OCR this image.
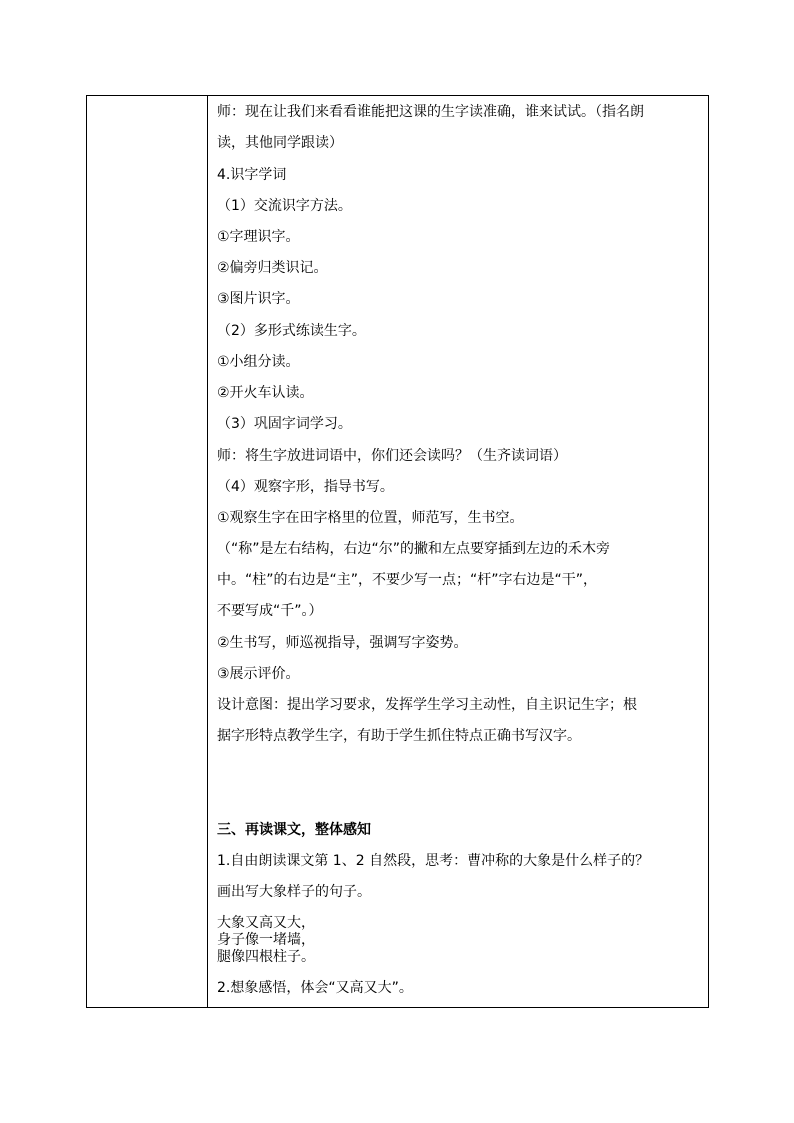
师：现在让我们来看看谁能把这课的生字读准确，谁来试试。（指名朗
读，其他同学跟读）
4.识字学词
（1）交流识字方法。
①字理识字。
②偏旁归类识记。
③图片识字。
（2）多形式练读生字。
①小组分读。
②开火车认读。
（3）巩固字词学习。
师：将生字放进词语中，你们还会读吗？（生齐读词语）
（4）观察字形，指导书写。
①观察生字在田字格里的位置，师范写，生书空。
（“称”是左右结构，右边“尔”的撇和左点要穿插到左边的禾木旁
中。“柱”的右边是“主”，不要少写一点；“杆”字右边是“干”，
不要写成“千”。）
②生书写，师巡视指导，强调写字姿势。
③展示评价。
设计意图：提出学习要求，发挥学生学习主动性，自主识记生字；根
据字形特点教学生字，有助于学生抓住特点正确书写汉字。
三、再读课文，整体感知
1.自由朗读课文第 1、2 自然段，思考：曹冲称的大象是什么样子的？
画出写大象样子的句子。
大象又高又大，
身子像一堵墙，
腿像四根柱子。
2.想象感悟，体会“又高又大”。
